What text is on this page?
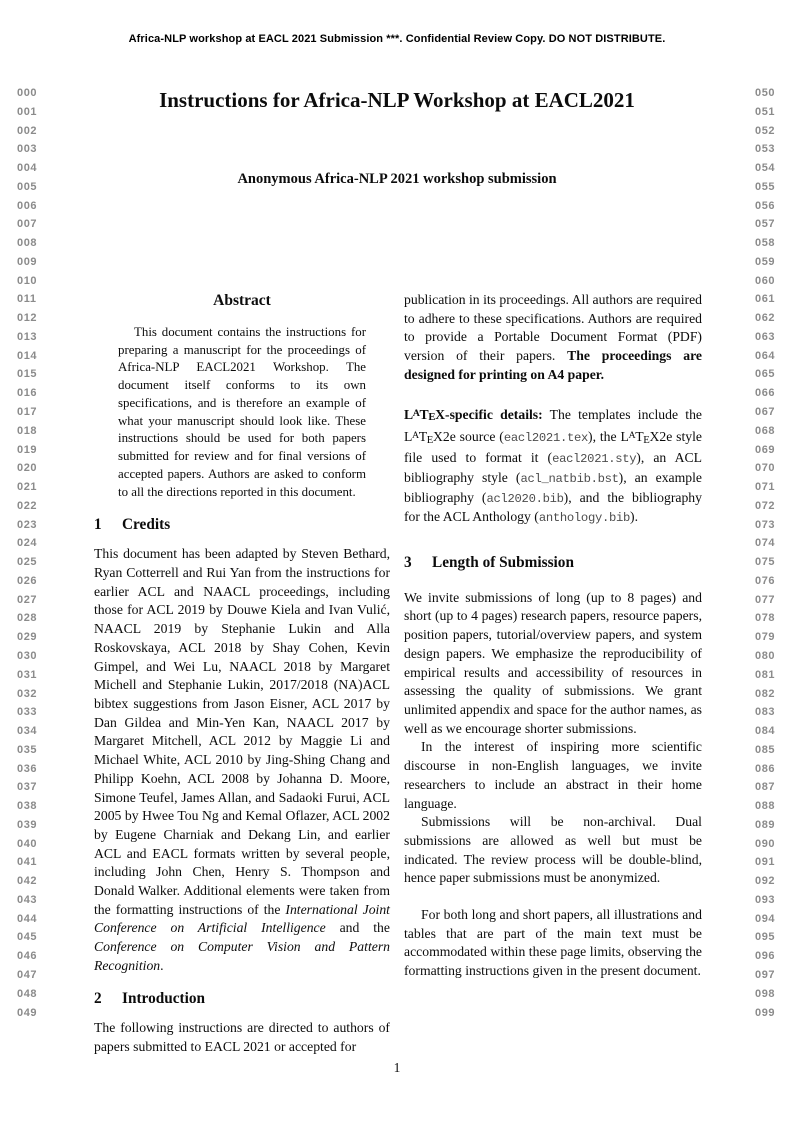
Africa-NLP workshop at EACL 2021 Submission ***. Confidential Review Copy. DO NOT DISTRIBUTE.
000
001
002
003
004
005
006
007
008
009
010
011
012
013
014
015
016
017
018
019
020
021
022
023
024
025
026
027
028
029
030
031
032
033
034
035
036
037
038
039
040
041
042
043
044
045
046
047
048
049
050
051
052
053
054
055
056
057
058
059
060
061
062
063
064
065
066
067
068
069
070
071
072
073
074
075
076
077
078
079
080
081
082
083
084
085
086
087
088
089
090
091
092
093
094
095
096
097
098
099
Instructions for Africa-NLP Workshop at EACL2021
Anonymous Africa-NLP 2021 workshop submission
Abstract

This document contains the instructions for preparing a manuscript for the proceedings of Africa-NLP EACL2021 Workshop. The document itself conforms to its own specifications, and is therefore an example of what your manuscript should look like. These instructions should be used for both papers submitted for review and for final versions of accepted papers. Authors are asked to conform to all the directions reported in this document.

1 Credits

This document has been adapted by Steven Bethard, Ryan Cotterrell and Rui Yan from the instructions for earlier ACL and NAACL proceedings, including those for ACL 2019 by Douwe Kiela and Ivan Vulić, NAACL 2019 by Stephanie Lukin and Alla Roskovskaya, ACL 2018 by Shay Cohen, Kevin Gimpel, and Wei Lu, NAACL 2018 by Margaret Michell and Stephanie Lukin, 2017/2018 (NA)ACL bibtex suggestions from Jason Eisner, ACL 2017 by Dan Gildea and Min-Yen Kan, NAACL 2017 by Margaret Mitchell, ACL 2012 by Maggie Li and Michael White, ACL 2010 by Jing-Shing Chang and Philipp Koehn, ACL 2008 by Johanna D. Moore, Simone Teufel, James Allan, and Sadaoki Furui, ACL 2005 by Hwee Tou Ng and Kemal Oflazer, ACL 2002 by Eugene Charniak and Dekang Lin, and earlier ACL and EACL formats written by several people, including John Chen, Henry S. Thompson and Donald Walker. Additional elements were taken from the formatting instructions of the International Joint Conference on Artificial Intelligence and the Conference on Computer Vision and Pattern Recognition.

2 Introduction

The following instructions are directed to authors of papers submitted to EACL 2021 or accepted for

publication in its proceedings. All authors are required to adhere to these specifications. Authors are required to provide a Portable Document Format (PDF) version of their papers. The proceedings are designed for printing on A4 paper.

$L^ATEX$-specific details: The templates include the $L^ATEX2e$ source (eacl2021.tex), the $L^ATEX2e$ style file used to format it (eacl2021.sty), an ACL bibliography style (acl_natbib.bst), an example bibliography (acl2020.bib), and the bibliography for the ACL Anthology (anthology.bib).

3 Length of Submission

We invite submissions of long (up to 8 pages) and short (up to 4 pages) research papers, resource papers, position papers, tutorial/overview papers, and system design papers. We emphasize the reproducibility of empirical results and accessibility of resources in assessing the quality of submissions. We grant unlimited appendix and space for the author names, as well as we encourage shorter submissions.

In the interest of inspiring more scientific discourse in non-English languages, we invite researchers to include an abstract in their home language.

Submissions will be non-archival. Dual submissions are allowed as well but must be indicated. The review process will be double-blind, hence paper submissions must be anonymized.

For both long and short papers, all illustrations and tables that are part of the main text must be accommodated within these page limits, observing the formatting instructions given in the present document.

1
